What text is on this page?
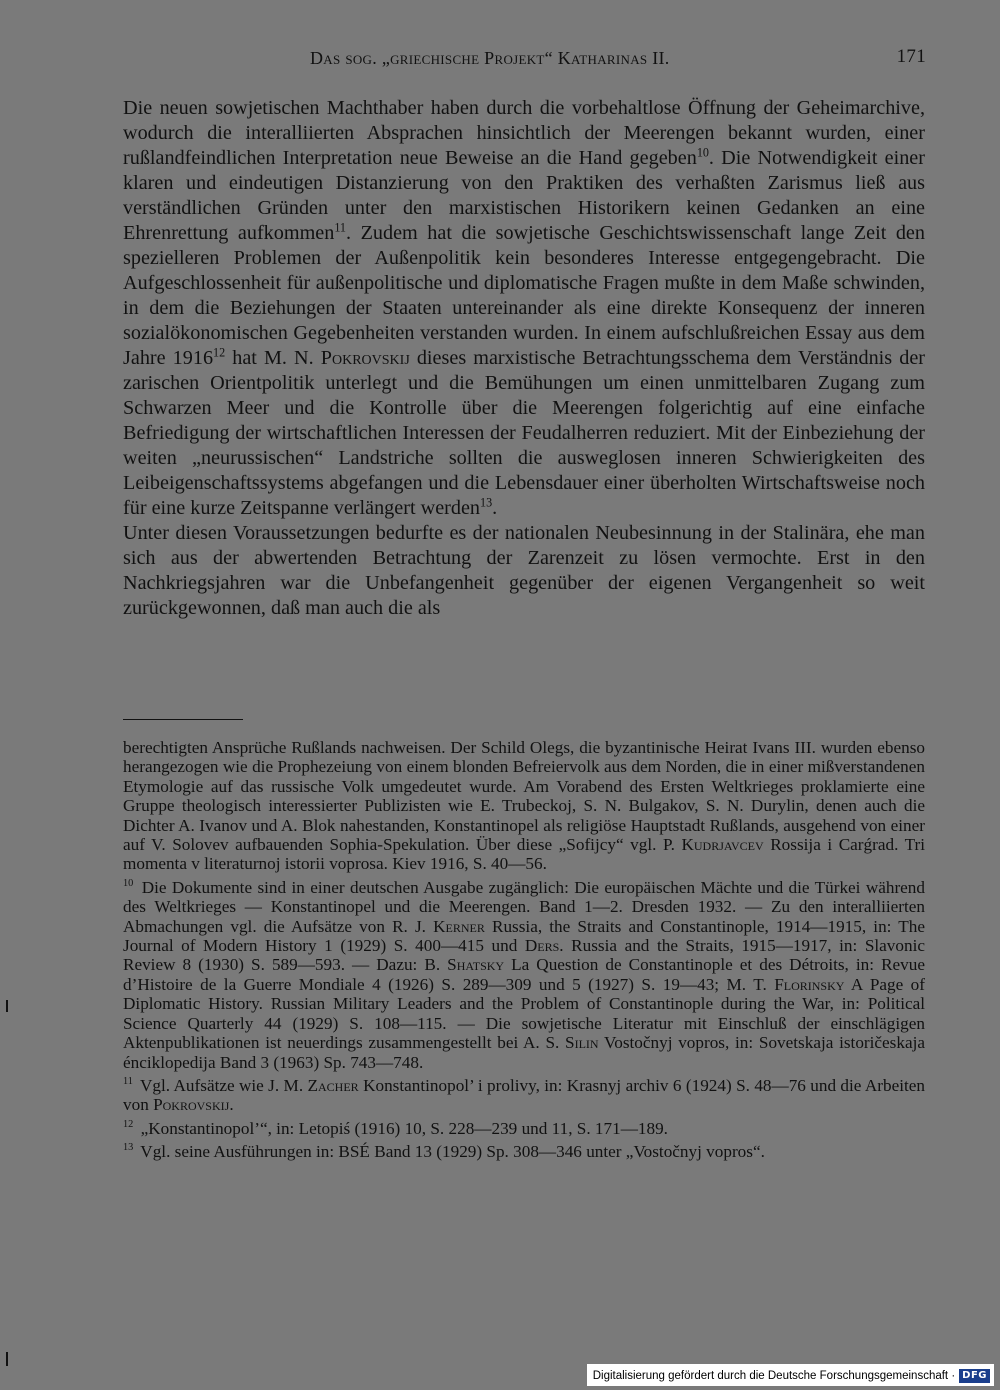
Das sog. „griechische Projekt“ Katharinas II.	171

Die neuen sowjetischen Machthaber haben durch die vorbehaltlose Öffnung der Geheimarchive, wodurch die interalliierten Absprachen hinsichtlich der Meerengen bekannt wurden, einer rußlandfeindlichen Interpretation neue Beweise an die Hand gegeben$^{10}$. Die Notwendigkeit einer klaren und eindeutigen Distanzierung von den Praktiken des verhaßten Zarismus ließ aus verständlichen Gründen unter den marxistischen Historikern keinen Gedanken an eine Ehrenrettung aufkommen$^{11}$. Zudem hat die sowjetische Geschichtswissenschaft lange Zeit den spezielleren Problemen der Außenpolitik kein besonderes Interesse entgegengebracht. Die Aufgeschlossenheit für außenpolitische und diplomatische Fragen mußte in dem Maße schwinden, in dem die Beziehungen der Staaten untereinander als eine direkte Konsequenz der inneren sozialökonomischen Gegebenheiten verstanden wurden. In einem aufschlußreichen Essay aus dem Jahre 1916$^{12}$ hat M. N. Pokrovskij dieses marxistische Betrachtungsschema dem Verständnis der zarischen Orientpolitik unterlegt und die Bemühungen um einen unmittelbaren Zugang zum Schwarzen Meer und die Kontrolle über die Meerengen folgerichtig auf eine einfache Befriedigung der wirtschaftlichen Interessen der Feudalherren reduziert. Mit der Einbeziehung der weiten „neurussischen“ Landstriche sollten die ausweglosen inneren Schwierigkeiten des Leibeigenschaftssystems abgefangen und die Lebensdauer einer überholten Wirtschaftsweise noch für eine kurze Zeitspanne verlängert werden$^{13}$.

Unter diesen Voraussetzungen bedurfte es der nationalen Neubesinnung in der Stalinära, ehe man sich aus der abwertenden Betrachtung der Zarenzeit zu lösen vermochte. Erst in den Nachkriegsjahren war die Unbefangenheit gegenüber der eigenen Vergangenheit so weit zurückgewonnen, daß man auch die als

berechtigten Ansprüche Rußlands nachweisen. Der Schild Olegs, die byzantinische Heirat Ivans III. wurden ebenso herangezogen wie die Prophezeiung von einem blonden Befreiervolk aus dem Norden, die in einer mißverstandenen Etymologie auf das russische Volk umgedeutet wurde. Am Vorabend des Ersten Weltkrieges proklamierte eine Gruppe theologisch interessierter Publizisten wie E. Trubeckoj, S. N. Bulgakov, S. N. Durylin, denen auch die Dichter A. Ivanov und A. Blok nahestanden, Konstantinopel als religiöse Hauptstadt Rußlands, ausgehend von einer auf V. Solovev aufbauenden Sophia-Spekulation. Über diese „Sofijcy“ vgl. P. Kudrjavcev Rossija i Carǵrad. Tri momenta v literaturnoj istorii voprosa. Kiev 1916, S. 40—56.

$^{10}$ Die Dokumente sind in einer deutschen Ausgabe zugänglich: Die europäischen Mächte und die Türkei während des Weltkrieges — Konstantinopel und die Meerengen. Band 1—2. Dresden 1932. — Zu den interalliierten Abmachungen vgl. die Aufsätze von R. J. Kerner Russia, the Straits and Constantinople, 1914—1915, in: The Journal of Modern History 1 (1929) S. 400—415 und Ders. Russia and the Straits, 1915—1917, in: Slavonic Review 8 (1930) S. 589—593. — Dazu: B. Shatsky La Question de Constantinople et des Détroits, in: Revue d’Histoire de la Guerre Mondiale 4 (1926) S. 289—309 und 5 (1927) S. 19—43; M. T. Florinsky A Page of Diplomatic History. Russian Military Leaders and the Problem of Constantinople during the War, in: Political Science Quarterly 44 (1929) S. 108—115. — Die sowjetische Literatur mit Einschluß der einschlägigen Aktenpublikationen ist neuerdings zusammengestellt bei A. S. Silin Vostočnyj vopros, in: Sovetskaja istoričeskaja énciklopedija Band 3 (1963) Sp. 743—748.

$^{11}$ Vgl. Aufsätze wie J. M. Zacher Konstantinopol’ i prolivy, in: Krasnyj archiv 6 (1924) S. 48—76 und die Arbeiten von Pokrovskij.

$^{12}$ „Konstantinopol’“, in: Letopiś (1916) 10, S. 228—239 und 11, S. 171—189.

$^{13}$ Vgl. seine Ausführungen in: BSÉ Band 13 (1929) Sp. 308—346 unter „Vostočnyj vopros“.

Digitalisierung gefördert durch die Deutsche Forschungsgemeinschaft · DFG
